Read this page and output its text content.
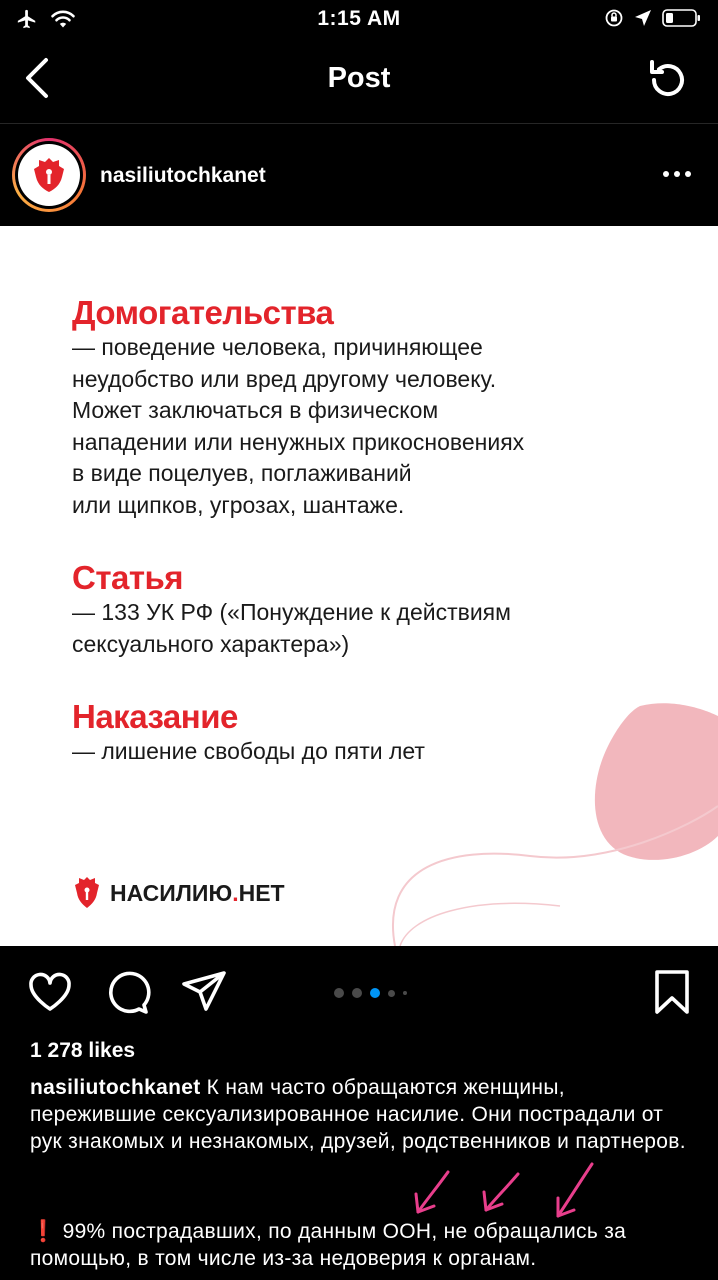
1:15 AM
Post
nasiliutochkanet
Домогательства
— поведение человека, причиняющее
неудобство или вред другому человеку.
Может заключаться в физическом
нападении или ненужных прикосновениях
в виде поцелуев, поглаживаний
или щипков, угрозах, шантаже.
Статья
— 133 УК РФ («Понуждение к действиям
сексуального характера»)
Наказание
— лишение свободы до пяти лет
НАСИЛИЮ.НЕТ
1 278 likes
nasiliutochkanet К нам часто обращаются женщины, пережившие сексуализированное насилие. Они пострадали от рук знакомых и незнакомых, друзей, родственников и партнеров.
❗ 99% пострадавших, по данным ООН, не обращались за помощью, в том числе из-за недоверия к органам.
